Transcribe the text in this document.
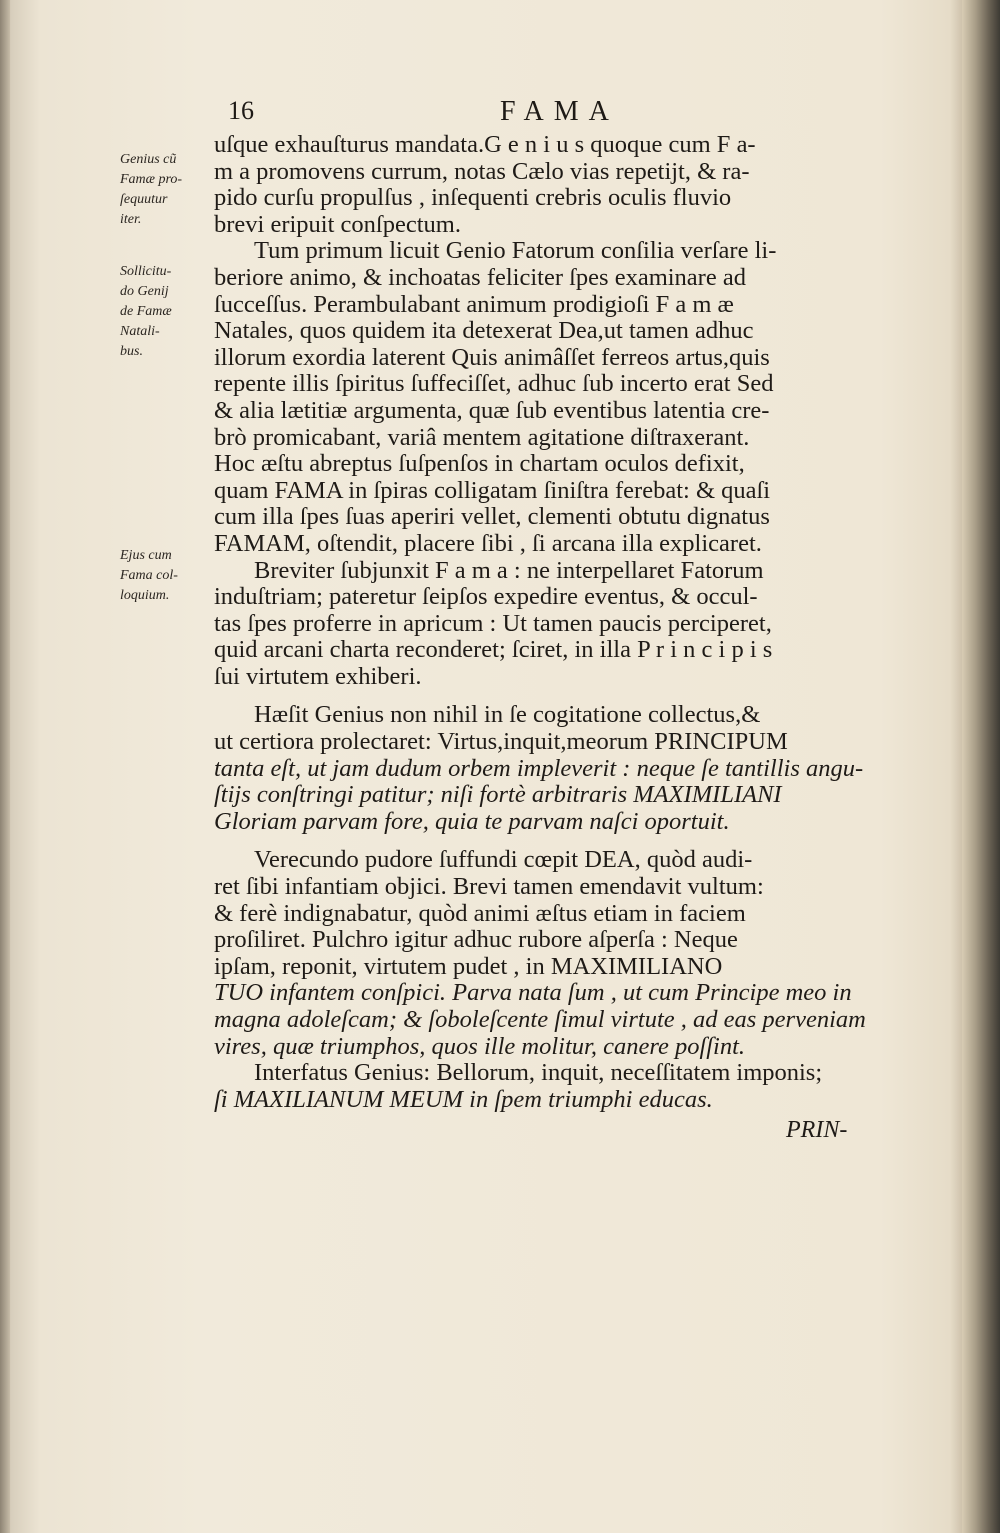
16	FAMA
Genius cũ
Famæ pro-
ſequutur
iter.
Sollicitu-
do Genij
de Famæ
Natali-
bus.
Ejus cum
Fama col-
loquium.
uſque exhauſturus mandata.G e n i u s quoque cum F a-
m a promovens currum, notas Cælo vias repetijt, & ra-
pido curſu propulſus , inſequenti crebris oculis fluvio
brevi eripuit conſpectum.
Tum primum licuit Genio Fatorum conſilia verſare li-
beriore animo, & inchoatas feliciter ſpes examinare ad
ſucceſſus. Perambulabant animum prodigioſi F a m æ
Natales, quos quidem ita detexerat Dea,ut tamen adhuc
illorum exordia laterent Quis animâſſet ferreos artus,quis
repente illis ſpiritus ſuffeciſſet, adhuc ſub incerto erat Sed
& alia lætitiæ argumenta, quæ ſub eventibus latentia cre-
brò promicabant, variâ mentem agitatione diſtraxerant.
Hoc æſtu abreptus ſuſpenſos in chartam oculos defixit,
quam FAMA in ſpiras colligatam ſiniſtra ferebat: & quaſi
cum illa ſpes ſuas aperiri vellet, clementi obtutu dignatus
FAMAM, oſtendit, placere ſibi , ſi arcana illa explicaret.
Breviter ſubjunxit F a m a : ne interpellaret Fatorum
induſtriam; pateretur ſeipſos expedire eventus, & occul-
tas ſpes proferre in apricum : Ut tamen paucis perciperet,
quid arcani charta reconderet; ſciret, in illa P r i n c i p i s
ſui virtutem exhiberi.
Hæſit Genius non nihil in ſe cogitatione collectus,&
ut certiora prolectaret: Virtus,inquit,meorum PRINCIPUM
tanta eſt, ut jam dudum orbem impleverit : neque ſe tantillis angu-
ſtijs conſtringi patitur; niſi fortè arbitraris MAXIMILIANI
Gloriam parvam fore, quia te parvam naſci oportuit.
Verecundo pudore ſuffundi cœpit DEA, quòd audi-
ret ſibi infantiam objici. Brevi tamen emendavit vultum:
& ferè indignabatur, quòd animi æſtus etiam in faciem
proſiliret. Pulchro igitur adhuc rubore aſperſa : Neque
ipſam, reponit, virtutem pudet , in MAXIMILIANO
TUO infantem conſpici. Parva nata ſum , ut cum Principe meo in
magna adoleſcam; & ſoboleſcente ſimul virtute , ad eas perveniam
vires, quæ triumphos, quos ille molitur, canere poſſint.
Interfatus Genius: Bellorum, inquit, neceſſitatem imponis;
ſi MAXILIANUM MEUM in ſpem triumphi educas.
PRIN-
